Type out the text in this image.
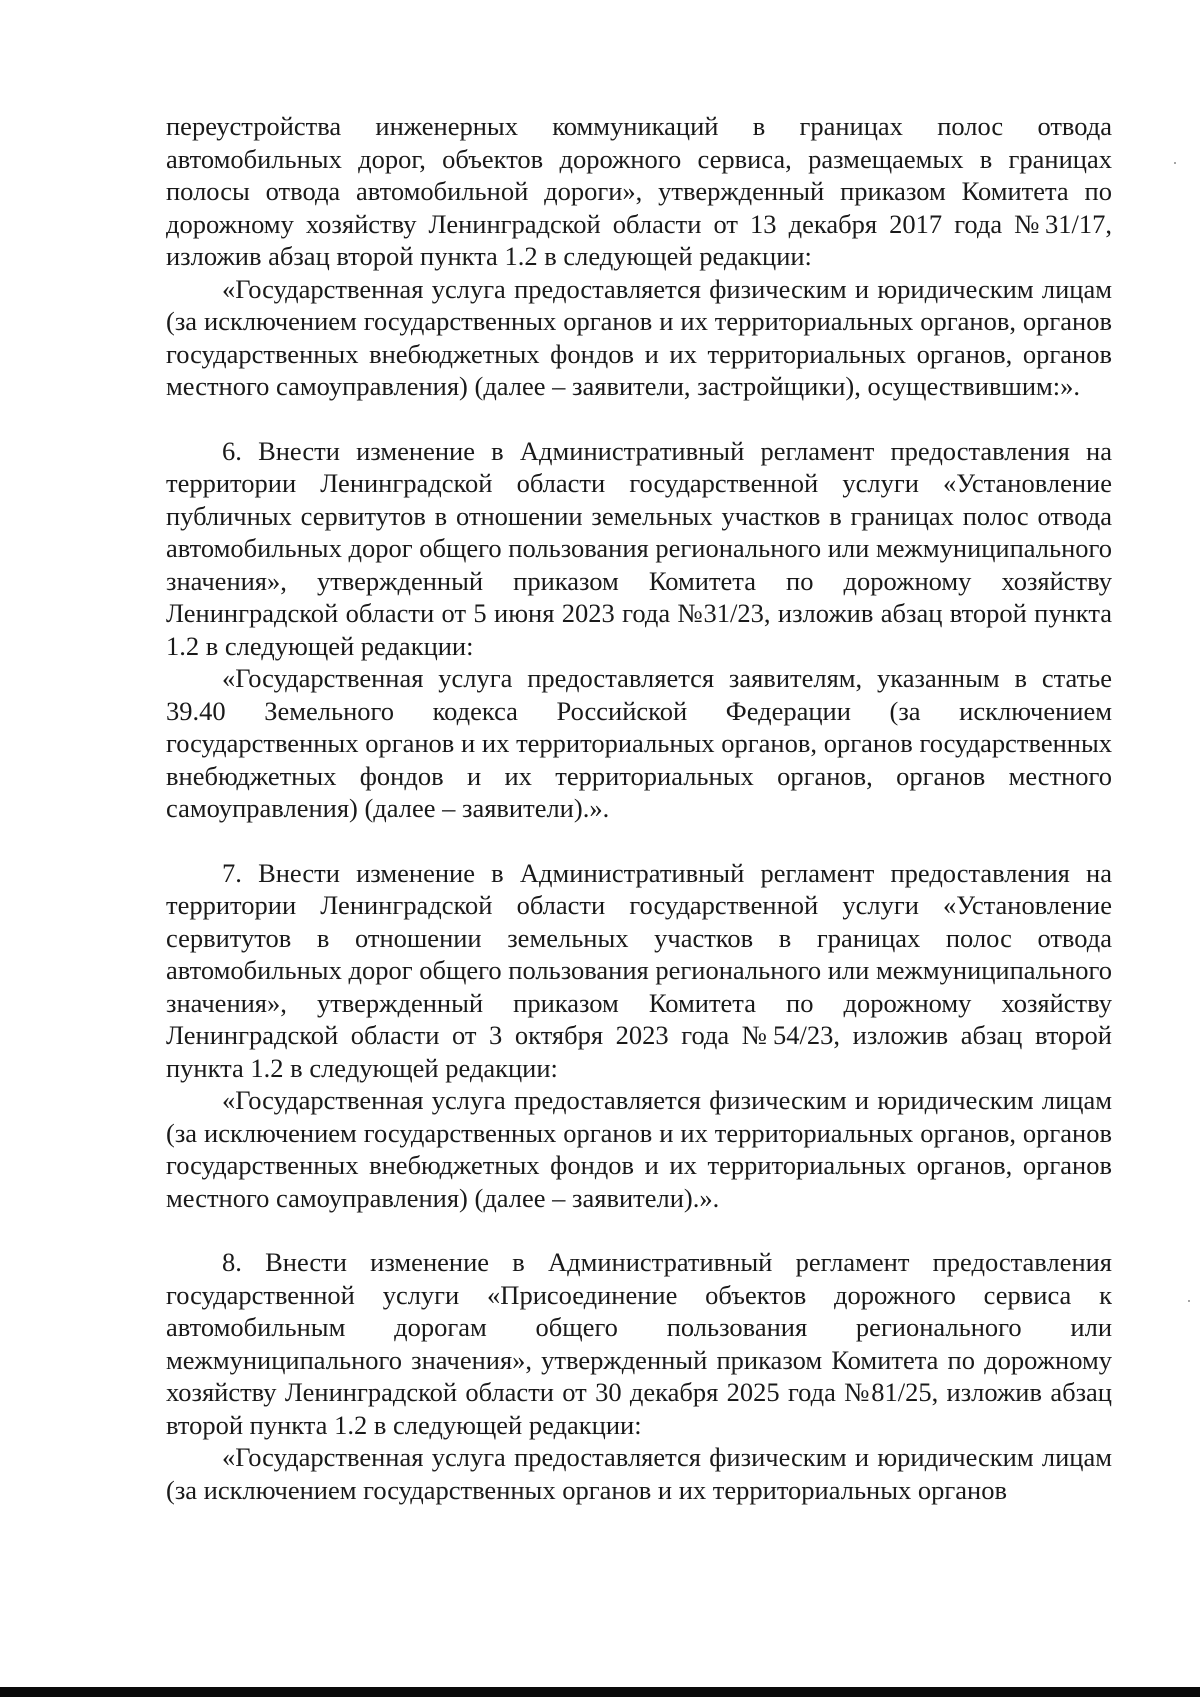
переустройства инженерных коммуникаций в границах полос отвода автомобильных дорог, объектов дорожного сервиса, размещаемых в границах полосы отвода автомобильной дороги», утвержденный приказом Комитета по дорожному хозяйству Ленинградской области от 13 декабря 2017 года №31/17, изложив абзац второй пункта 1.2 в следующей редакции:

«Государственная услуга предоставляется физическим и юридическим лицам (за исключением государственных органов и их территориальных органов, органов государственных внебюджетных фондов и их территориальных органов, органов местного самоуправления) (далее – заявители, застройщики), осуществившим:».

6. Внести изменение в Административный регламент предоставления на территории Ленинградской области государственной услуги «Установление публичных сервитутов в отношении земельных участков в границах полос отвода автомобильных дорог общего пользования регионального или межмуниципального значения», утвержденный приказом Комитета по дорожному хозяйству Ленинградской области от 5 июня 2023 года №31/23, изложив абзац второй пункта 1.2 в следующей редакции:

«Государственная услуга предоставляется заявителям, указанным в статье 39.40 Земельного кодекса Российской Федерации (за исключением государственных органов и их территориальных органов, органов государственных внебюджетных фондов и их территориальных органов, органов местного самоуправления) (далее – заявители).».

7. Внести изменение в Административный регламент предоставления на территории Ленинградской области государственной услуги «Установление сервитутов в отношении земельных участков в границах полос отвода автомобильных дорог общего пользования регионального или межмуниципального значения», утвержденный приказом Комитета по дорожному хозяйству Ленинградской области от 3 октября 2023 года №54/23, изложив абзац второй пункта 1.2 в следующей редакции:

«Государственная услуга предоставляется физическим и юридическим лицам (за исключением государственных органов и их территориальных органов, органов государственных внебюджетных фондов и их территориальных органов, органов местного самоуправления) (далее – заявители).».

8. Внести изменение в Административный регламент предоставления государственной услуги «Присоединение объектов дорожного сервиса к автомобильным дорогам общего пользования регионального или межмуниципального значения», утвержденный приказом Комитета по дорожному хозяйству Ленинградской области от 30 декабря 2025 года №81/25, изложив абзац второй пункта 1.2 в следующей редакции:

«Государственная услуга предоставляется физическим и юридическим лицам (за исключением государственных органов и их территориальных органов
